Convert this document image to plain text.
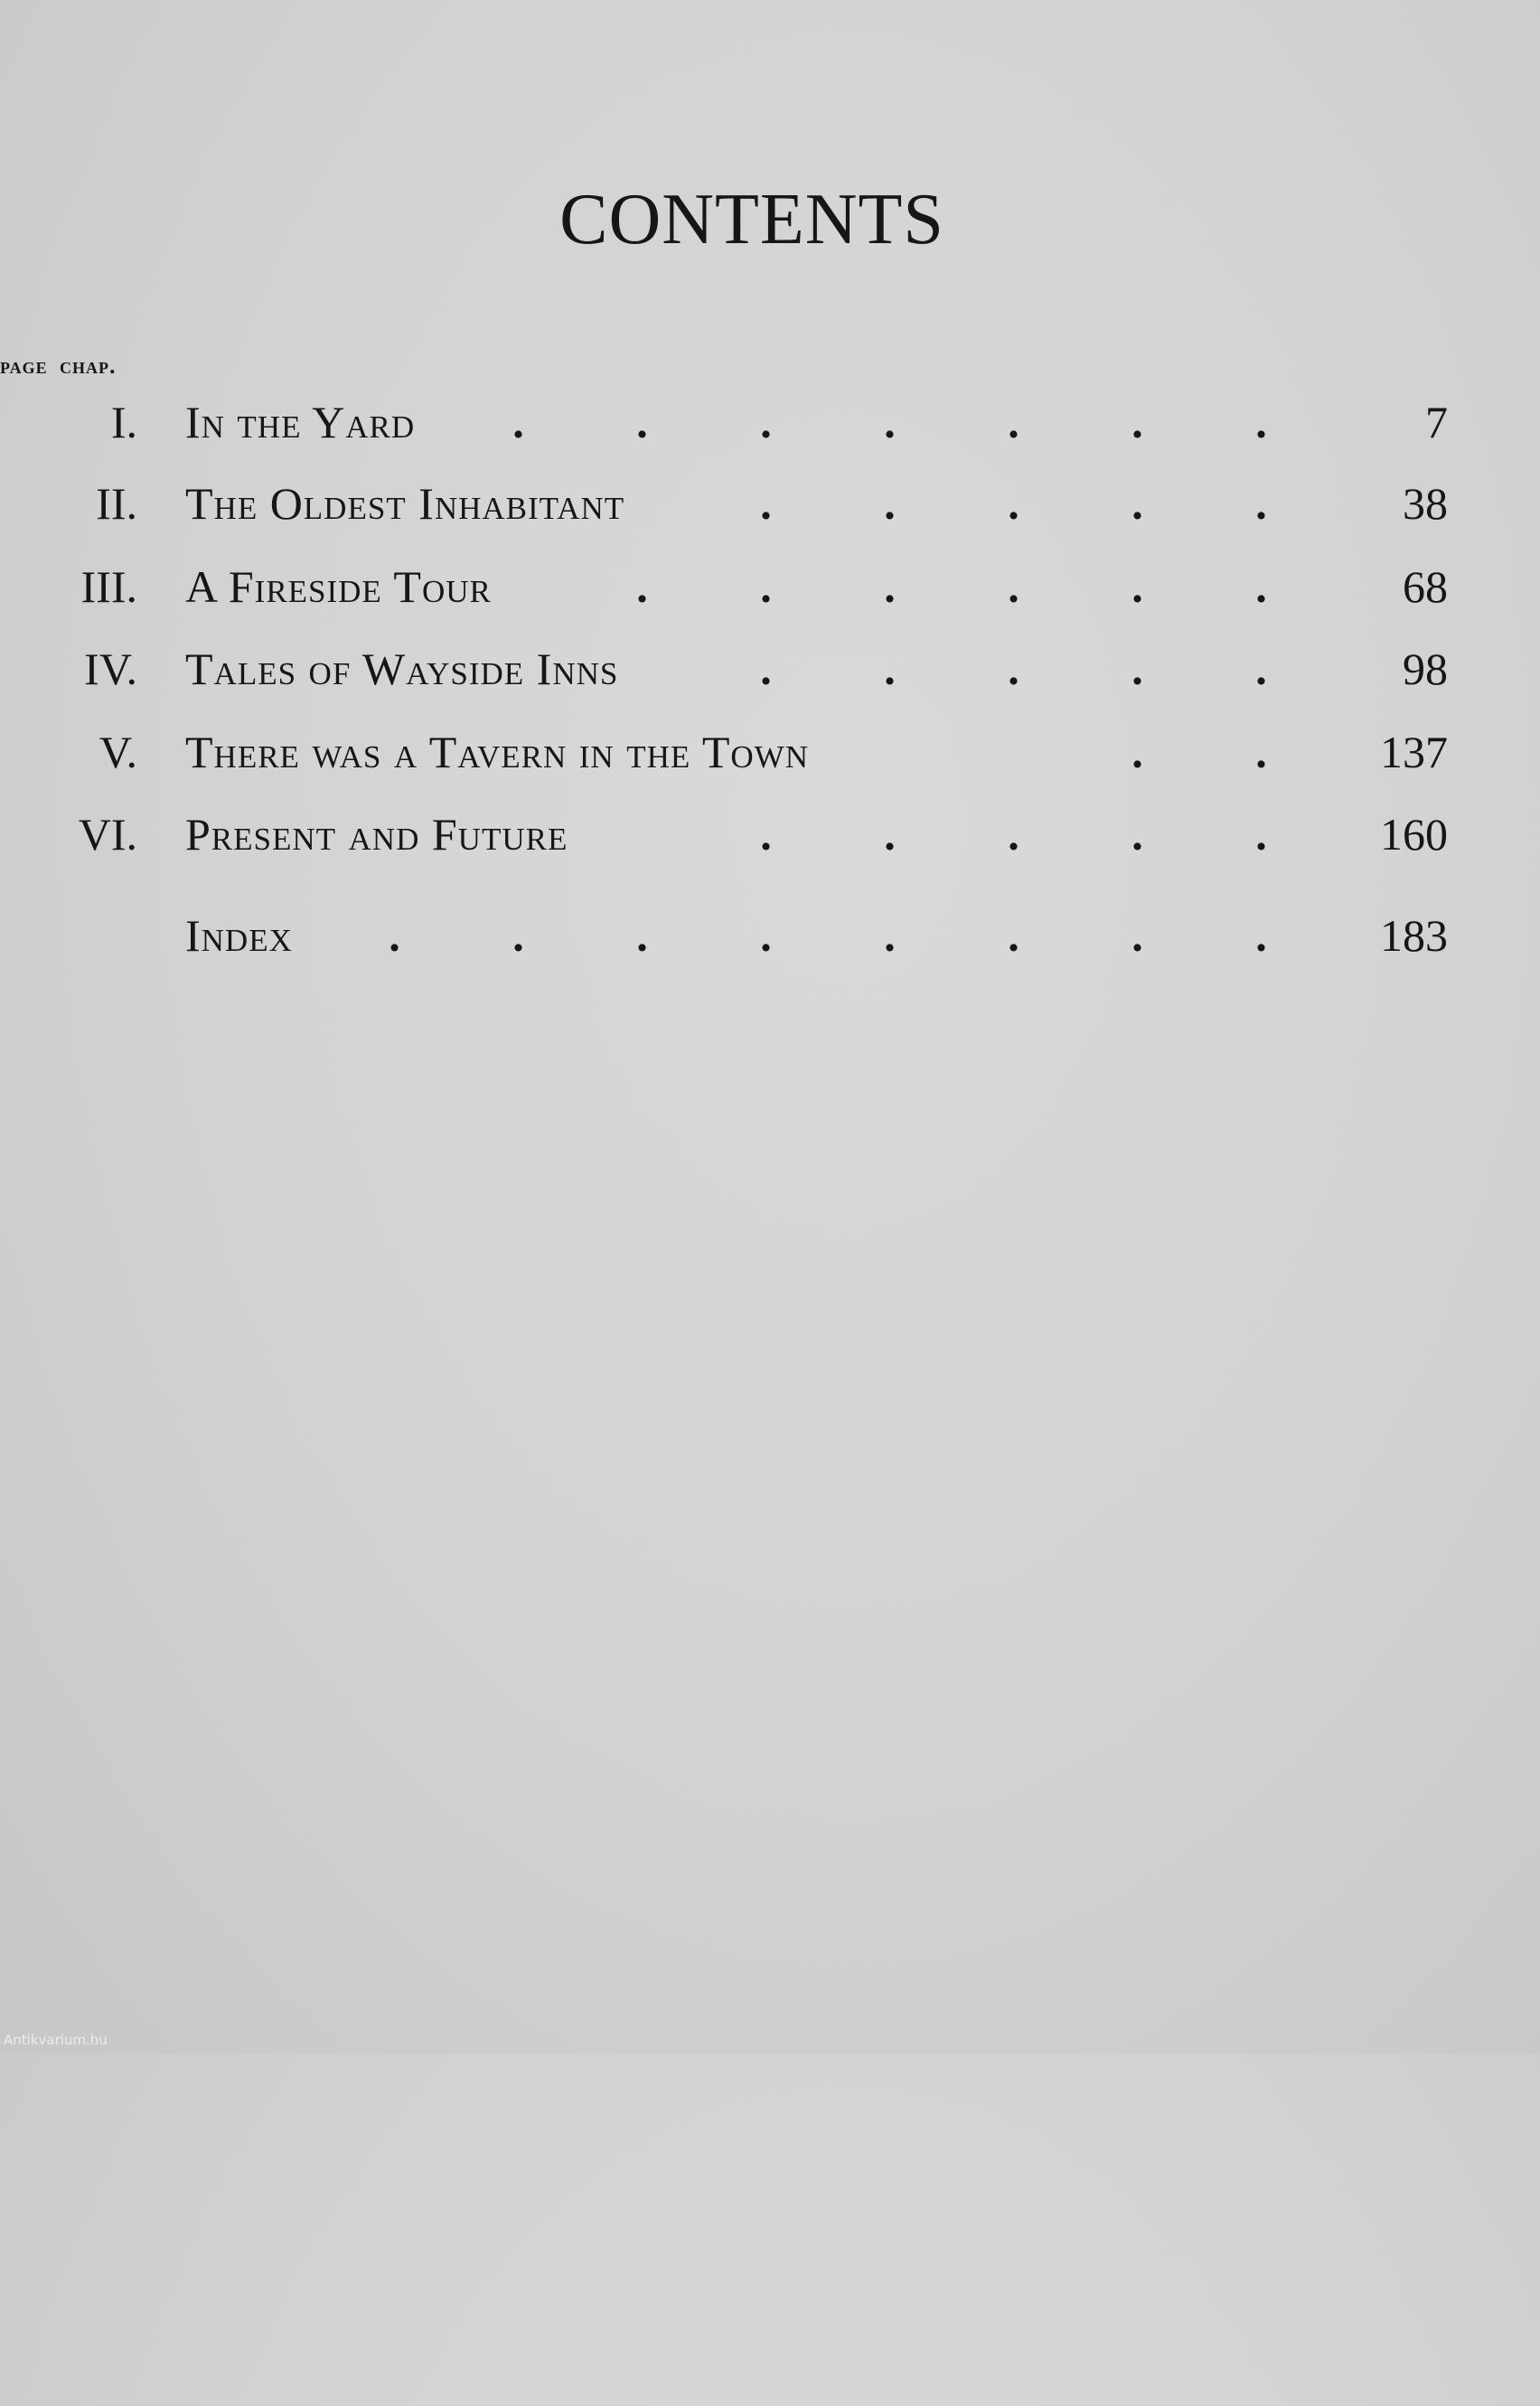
CONTENTS
chap.
page
I. In the Yard	. . . . . . .	7
II. The Oldest Inhabitant	. . . . .	38
III. A Fireside Tour	. . . . . .	68
IV. Tales of Wayside Inns	. . . . .	98
V. There was a Tavern in the Town	. .	137
VI. Present and Future	. . . . .	160
Index	. . . . . . . .	183
Antikvarium.hu
